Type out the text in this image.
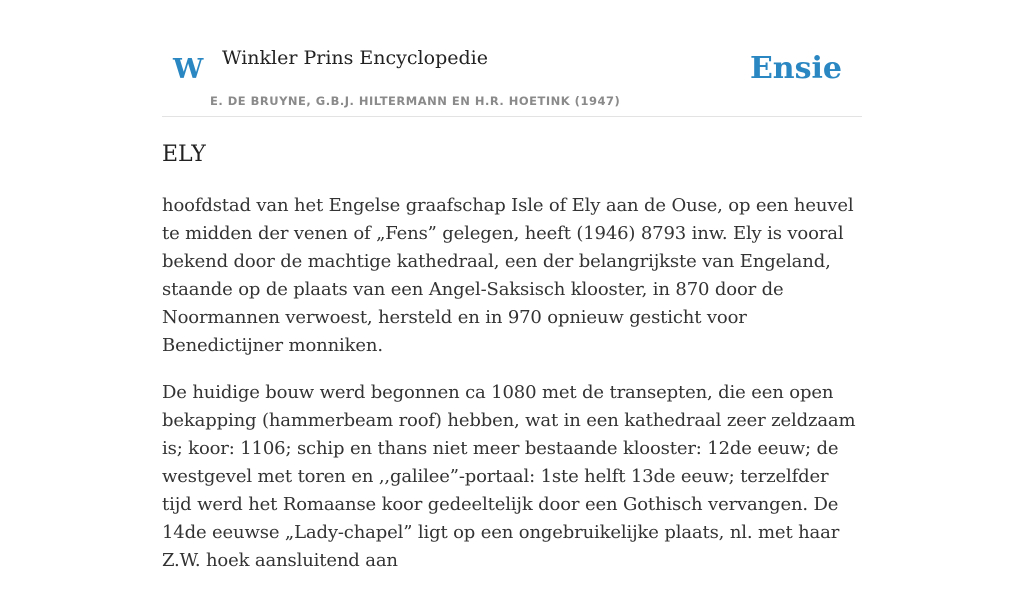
W Winkler Prins Encyclopedie
E. DE BRUYNE, G.B.J. HILTERMANN EN H.R. HOETINK (1947)
Ensie
ELY

hoofdstad van het Engelse graafschap Isle of Ely aan de Ouse, op een heuvel te midden der venen of „Fens” gelegen, heeft (1946) 8793 inw. Ely is vooral bekend door de machtige kathedraal, een der belangrijkste van Engeland, staande op de plaats van een Angel-Saksisch klooster, in 870 door de Noormannen verwoest, hersteld en in 970 opnieuw gesticht voor Benedictijner monniken.

De huidige bouw werd begonnen ca 1080 met de transepten, die een open bekapping (hammerbeam roof) hebben, wat in een kathedraal zeer zeldzaam is; koor: 1106; schip en thans niet meer bestaande klooster: 12de eeuw; de westgevel met toren en ,,galilee”-portaal: 1ste helft 13de eeuw; terzelfder tijd werd het Romaanse koor gedeeltelijk door een Gothisch vervangen. De 14de eeuwse „Lady-chapel” ligt op een ongebruikelijke plaats, nl. met haar Z.W. hoek aansluitend aan
